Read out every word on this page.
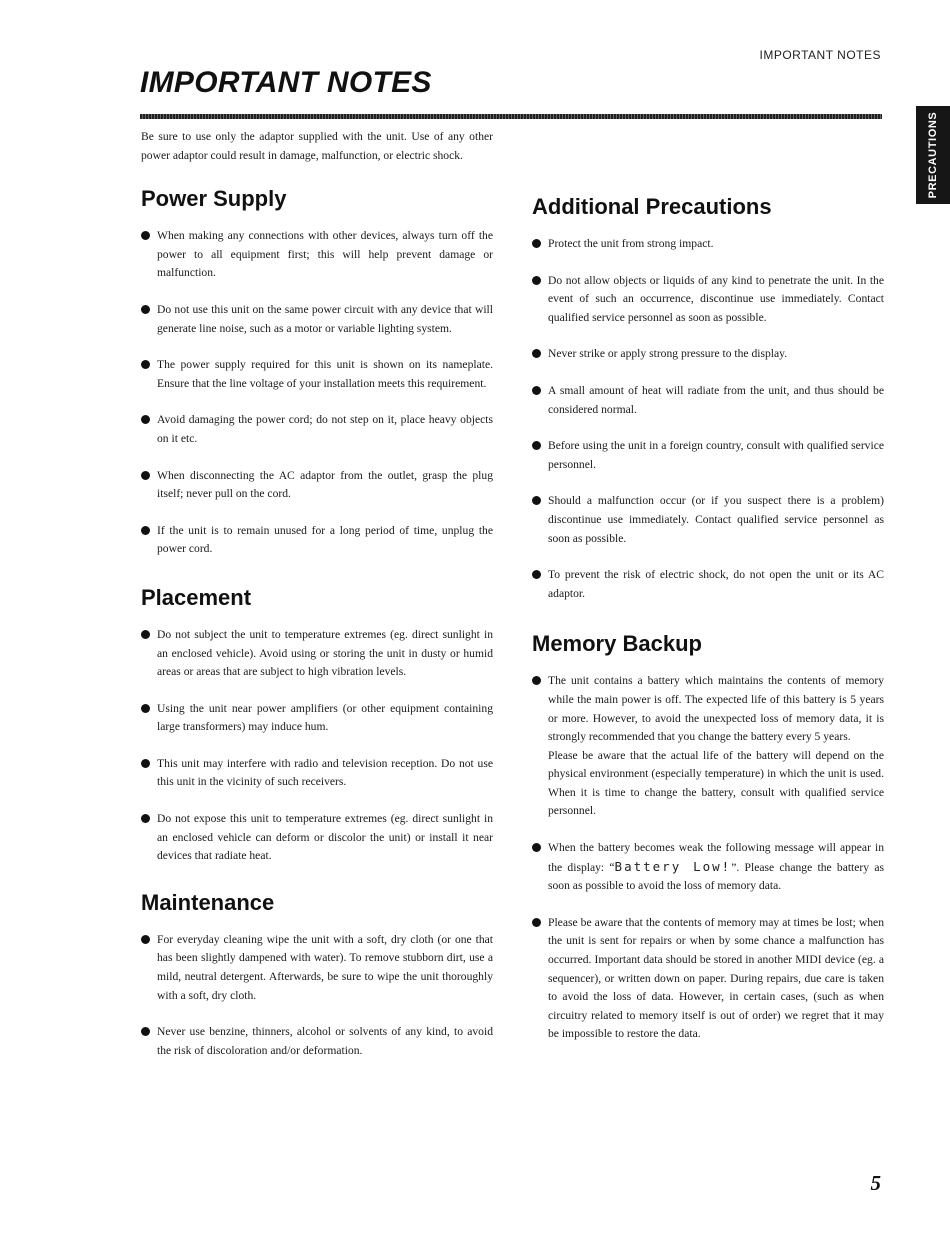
IMPORTANT NOTES
IMPORTANT NOTES
PRECAUTIONS

Be sure to use only the adaptor supplied with the unit. Use of any other power adaptor could result in damage, malfunction, or electric shock.

Power Supply

When making any connections with other devices, always turn off the power to all equipment first; this will help prevent damage or malfunction.

Do not use this unit on the same power circuit with any device that will generate line noise, such as a motor or variable lighting system.

The power supply required for this unit is shown on its nameplate. Ensure that the line voltage of your installation meets this requirement.

Avoid damaging the power cord; do not step on it, place heavy objects on it etc.

When disconnecting the AC adaptor from the outlet, grasp the plug itself; never pull on the cord.

If the unit is to remain unused for a long period of time, unplug the power cord.

Placement

Do not subject the unit to temperature extremes (eg. direct sunlight in an enclosed vehicle). Avoid using or storing the unit in dusty or humid areas or areas that are subject to high vibration levels.

Using the unit near power amplifiers (or other equipment containing large transformers) may induce hum.

This unit may interfere with radio and television reception. Do not use this unit in the vicinity of such receivers.

Do not expose this unit to temperature extremes (eg. direct sunlight in an enclosed vehicle can deform or discolor the unit) or install it near devices that radiate heat.

Maintenance

For everyday cleaning wipe the unit with a soft, dry cloth (or one that has been slightly dampened with water). To remove stubborn dirt, use a mild, neutral detergent. Afterwards, be sure to wipe the unit thoroughly with a soft, dry cloth.

Never use benzine, thinners, alcohol or solvents of any kind, to avoid the risk of discoloration and/or deformation.

Additional Precautions

Protect the unit from strong impact.

Do not allow objects or liquids of any kind to penetrate the unit. In the event of such an occurrence, discontinue use immediately. Contact qualified service personnel as soon as possible.

Never strike or apply strong pressure to the display.

A small amount of heat will radiate from the unit, and thus should be considered normal.

Before using the unit in a foreign country, consult with qualified service personnel.

Should a malfunction occur (or if you suspect there is a problem) discontinue use immediately. Contact qualified service personnel as soon as possible.

To prevent the risk of electric shock, do not open the unit or its AC adaptor.

Memory Backup

The unit contains a battery which maintains the contents of memory while the main power is off. The expected life of this battery is 5 years or more. However, to avoid the unexpected loss of memory data, it is strongly recommended that you change the battery every 5 years.

Please be aware that the actual life of the battery will depend on the physical environment (especially temperature) in which the unit is used. When it is time to change the battery, consult with qualified service personnel.

When the battery becomes weak the following message will appear in the display: “Battery Low!”. Please change the battery as soon as possible to avoid the loss of memory data.

Please be aware that the contents of memory may at times be lost; when the unit is sent for repairs or when by some chance a malfunction has occurred. Important data should be stored in another MIDI device (eg. a sequencer), or written down on paper. During repairs, due care is taken to avoid the loss of data. However, in certain cases, (such as when circuitry related to memory itself is out of order) we regret that it may be impossible to restore the data.

5
